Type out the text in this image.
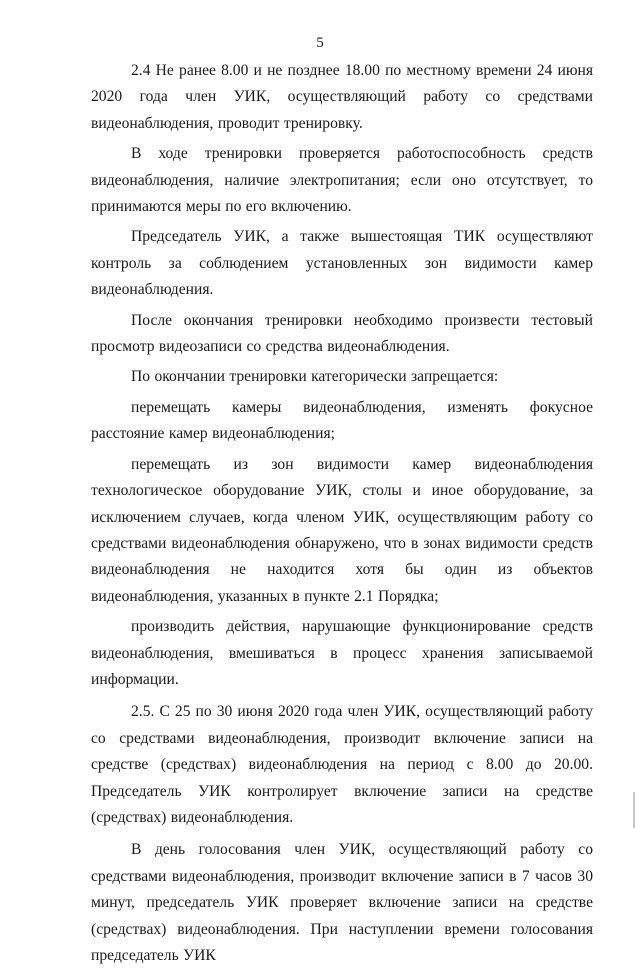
5

2.4 Не ранее 8.00 и не позднее 18.00 по местному времени 24 июня 2020 года член УИК, осуществляющий работу со средствами видеонаблюдения, проводит тренировку.

В ходе тренировки проверяется работоспособность средств видеонаблюдения, наличие электропитания; если оно отсутствует, то принимаются меры по его включению.

Председатель УИК, а также вышестоящая ТИК осуществляют контроль за соблюдением установленных зон видимости камер видеонаблюдения.

После окончания тренировки необходимо произвести тестовый просмотр видеозаписи со средства видеонаблюдения.

По окончании тренировки категорически запрещается:

перемещать камеры видеонаблюдения, изменять фокусное расстояние камер видеонаблюдения;

перемещать из зон видимости камер видеонаблюдения технологическое оборудование УИК, столы и иное оборудование, за исключением случаев, когда членом УИК, осуществляющим работу со средствами видеонаблюдения обнаружено, что в зонах видимости средств видеонаблюдения не находится хотя бы один из объектов видеонаблюдения, указанных в пункте 2.1 Порядка;

производить действия, нарушающие функционирование средств видеонаблюдения, вмешиваться в процесс хранения записываемой информации.

2.5. С 25 по 30 июня 2020 года член УИК, осуществляющий работу со средствами видеонаблюдения, производит включение записи на средстве (средствах) видеонаблюдения на период с 8.00 до 20.00. Председатель УИК контролирует включение записи на средстве (средствах) видеонаблюдения.

В день голосования член УИК, осуществляющий работу со средствами видеонаблюдения, производит включение записи в 7 часов 30 минут, председатель УИК проверяет включение записи на средстве (средствах) видеонаблюдения. При наступлении времени голосования председатель УИК
